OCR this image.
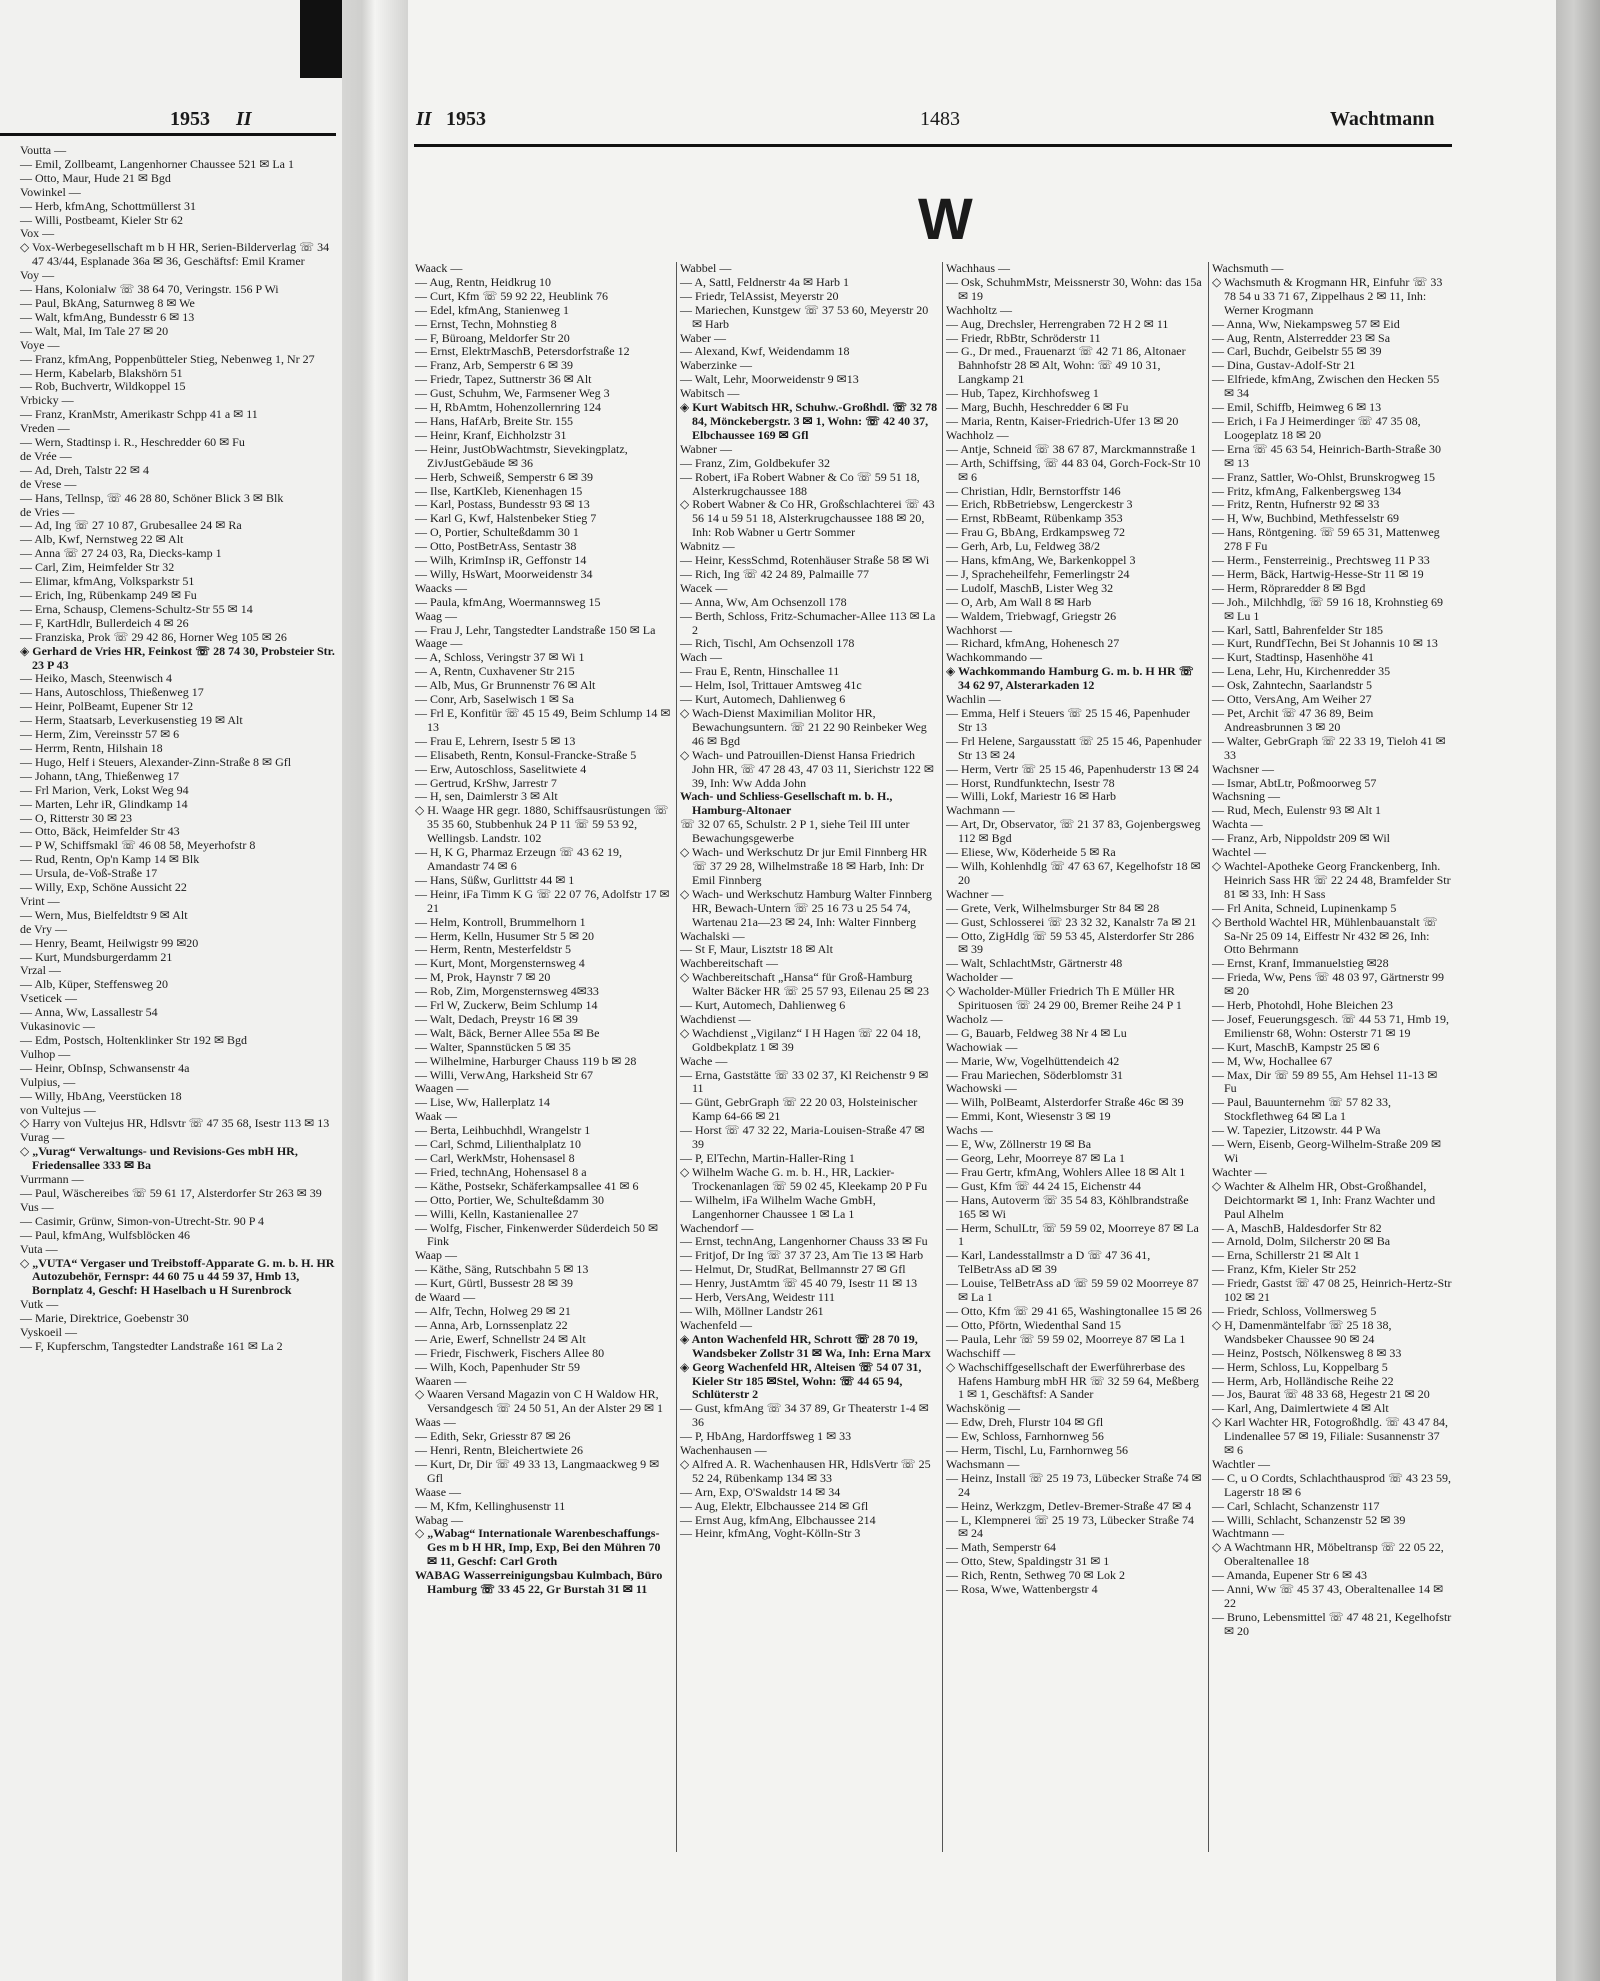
Voutta —

— Emil, Zollbeamt, Langenhorner Chaussee 521 ✉ La 1

— Otto, Maur, Hude 21 ✉ Bgd

Vowinkel —

— Herb, kfmAng, Schottmüllerst 31

— Willi, Postbeamt, Kieler Str 62

Vox —

◇ Vox-Werbegesellschaft m b H HR, Serien-Bilderverlag ☏ 34 47 43/44, Esplanade 36a ✉ 36, Geschäftsf: Emil Kramer

Voy —

— Hans, Kolonialw ☏ 38 64 70, Veringstr. 156 P Wi

— Paul, BkAng, Saturnweg 8 ✉ We

— Walt, kfmAng, Bundesstr 6 ✉ 13

— Walt, Mal, Im Tale 27 ✉ 20

Voye —

— Franz, kfmAng, Poppenbütteler Stieg, Nebenweg 1, Nr 27

— Herm, Kabelarb, Blakshörn 51

— Rob, Buchvertr, Wildkoppel 15

Vrbicky —

— Franz, KranMstr, Amerikastr Schpp 41 a ✉ 11

Vreden —

— Wern, Stadtinsp i. R., Heschredder 60 ✉ Fu

de Vrée —

— Ad, Dreh, Talstr 22 ✉ 4

de Vrese —

— Hans, Tellnsp, ☏ 46 28 80, Schöner Blick 3 ✉ Blk

de Vries —

— Ad, Ing ☏ 27 10 87, Grubesallee 24 ✉ Ra

— Alb, Kwf, Nernstweg 22 ✉ Alt

— Anna ☏ 27 24 03, Ra, Diecks-kamp 1

— Carl, Zim, Heimfelder Str 32

— Elimar, kfmAng, Volksparkstr 51

— Erich, Ing, Rübenkamp 249 ✉ Fu

— Erna, Schausp, Clemens-Schultz-Str 55 ✉ 14

— F, KartHdlr, Bullerdeich 4 ✉ 26

— Franziska, Prok ☏ 29 42 86, Horner Weg 105 ✉ 26

◈ Gerhard de Vries HR, Feinkost ☏ 28 74 30, Probsteier Str. 23 P 43

— Heiko, Masch, Steenwisch 4

— Hans, Autoschloss, Thießenweg 17

— Heinr, PolBeamt, Eupener Str 12

— Herm, Staatsarb, Leverkusenstieg 19 ✉ Alt

— Herm, Zim, Vereinsstr 57 ✉ 6

— Herrm, Rentn, Hilshain 18

— Hugo, Helf i Steuers, Alexander-Zinn-Straße 8 ✉ Gfl

— Johann, tAng, Thießenweg 17

— Frl Marion, Verk, Lokst Weg 94

— Marten, Lehr iR, Glindkamp 14

— O, Ritterstr 30 ✉ 23

— Otto, Bäck, Heimfelder Str 43

— P W, Schiffsmakl ☏ 46 08 58, Meyerhofstr 8

— Rud, Rentn, Op'n Kamp 14 ✉ Blk

— Ursula, de-Voß-Straße 17

— Willy, Exp, Schöne Aussicht 22

Vrint —

— Wern, Mus, Bielfeldtstr 9 ✉ Alt

de Vry —

— Henry, Beamt, Heilwigstr 99 ✉20

— Kurt, Mundsburgerdamm 21

Vrzal —

— Alb, Küper, Steffensweg 20

Vseticek —

— Anna, Ww, Lassallestr 54

Vukasinovic —

— Edm, Postsch, Holtenklinker Str 192 ✉ Bgd

Vulhop —

— Heinr, ObInsp, Schwansenstr 4a

Vulpius, —

— Willy, HbAng, Veerstücken 18

von Vultejus —

◇ Harry von Vultejus HR, Hdlsvtr ☏ 47 35 68, Isestr 113 ✉ 13

Vurag —

◇ „Vurag“ Verwaltungs- und Revisions-Ges mbH HR, Friedensallee 333 ✉ Ba

Vurrmann —

— Paul, Wäschereibes ☏ 59 61 17, Alsterdorfer Str 263 ✉ 39

Vus —

— Casimir, Grünw, Simon-von-Utrecht-Str. 90 P 4

— Paul, kfmAng, Wulfsblöcken 46

Vuta —

◇ „VUTA“ Vergaser und Treibstoff-Apparate G. m. b. H. HR Autozubehör, Fernspr: 44 60 75 u 44 59 37, Hmb 13, Bornplatz 4, Geschf: H Haselbach u H Surenbrock

Vutk —

— Marie, Direktrice, Goebenstr 30

Vyskoeil —

— F, Kupferschm, Tangstedter Landstraße 161 ✉ La 2

1953 II	II 1953	1483	Wachtmann
W

Waack —

— Aug, Rentn, Heidkrug 10

— Curt, Kfm ☏ 59 92 22, Heublink 76

— Edel, kfmAng, Stanienweg 1

— Ernst, Techn, Mohnstieg 8

— F, Büroang, Meldorfer Str 20

— Ernst, ElektrMaschB, Petersdorfstraße 12

— Franz, Arb, Semperstr 6 ✉ 39

— Friedr, Tapez, Suttnerstr 36 ✉ Alt

— Gust, Schuhm, We, Farmsener Weg 3

— H, RbAmtm, Hohenzollernring 124

— Hans, HafArb, Breite Str. 155

— Heinr, Kranf, Eichholzstr 31

— Heinr, JustObWachtmstr, Sievekingplatz, ZivJustGebäude ✉ 36

— Herb, Schweiß, Semperstr 6 ✉ 39

— Ilse, KartKleb, Kienenhagen 15

— Karl, Postass, Bundesstr 93 ✉ 13

— Karl G, Kwf, Halstenbeker Stieg 7

— O, Portier, Schulteßdamm 30 1

— Otto, PostBetrAss, Sentastr 38

— Wilh, KrimInsp iR, Geffonstr 14

— Willy, HsWart, Moorweidenstr 34

Waacks —

— Paula, kfmAng, Woermannsweg 15

Waag —

— Frau J, Lehr, Tangstedter Landstraße 150 ✉ La

Waage —

— A, Schloss, Veringstr 37 ✉ Wi 1

— A, Rentn, Cuxhavener Str 215

— Alb, Mus, Gr Brunnenstr 76 ✉ Alt

— Conr, Arb, Saselwisch 1 ✉ Sa

— Frl E, Konfitür ☏ 45 15 49, Beim Schlump 14 ✉ 13

— Frau E, Lehrern, Isestr 5 ✉ 13

— Elisabeth, Rentn, Konsul-Francke-Straße 5

— Erw, Autoschloss, Saselitwiete 4

— Gertrud, KrShw, Jarrestr 7

— H, sen, Daimlerstr 3 ✉ Alt

◇ H. Waage HR gegr. 1880, Schiffsausrüstungen ☏ 35 35 60, Stubbenhuk 24 P 11 ☏ 59 53 92, Wellingsb. Landstr. 102

— H, K G, Pharmaz Erzeugn ☏ 43 62 19, Amandastr 74 ✉ 6

— Hans, Süßw, Gurlittstr 44 ✉ 1

— Heinr, iFa Timm K G ☏ 22 07 76, Adolfstr 17 ✉ 21

— Helm, Kontroll, Brummelhorn 1

— Herm, Kelln, Husumer Str 5 ✉ 20

— Herm, Rentn, Mesterfeldstr 5

— Kurt, Mont, Morgensternsweg 4

— M, Prok, Haynstr 7 ✉ 20

— Rob, Zim, Morgensternsweg 4✉33

— Frl W, Zuckerw, Beim Schlump 14

— Walt, Dedach, Preystr 16 ✉ 39

— Walt, Bäck, Berner Allee 55a ✉ Be

— Walter, Spannstücken 5 ✉ 35

— Wilhelmine, Harburger Chauss 119 b ✉ 28

— Willi, VerwAng, Harksheid Str 67

Waagen —

— Lise, Ww, Hallerplatz 14

Waak —

— Berta, Leihbuchhdl, Wrangelstr 1

— Carl, Schmd, Lilienthalplatz 10

— Carl, WerkMstr, Hohensasel 8

— Fried, technAng, Hohensasel 8 a

— Käthe, Postsekr, Schäferkampsallee 41 ✉ 6

— Otto, Portier, We, Schulteßdamm 30

— Willi, Kelln, Kastanienallee 27

— Wolfg, Fischer, Finkenwerder Süderdeich 50 ✉ Fink

Waap —

— Käthe, Säng, Rutschbahn 5 ✉ 13

— Kurt, Gürtl, Bussestr 28 ✉ 39

de Waard —

— Alfr, Techn, Holweg 29 ✉ 21

— Anna, Arb, Lornssenplatz 22

— Arie, Ewerf, Schnellstr 24 ✉ Alt

— Friedr, Fischwerk, Fischers Allee 80

— Wilh, Koch, Papenhuder Str 59

Waaren —

◇ Waaren Versand Magazin von C H Waldow HR, Versandgesch ☏ 24 50 51, An der Alster 29 ✉ 1

Waas —

— Edith, Sekr, Griesstr 87 ✉ 26

— Henri, Rentn, Bleichertwiete 26

— Kurt, Dr, Dir ☏ 49 33 13, Langmaackweg 9 ✉ Gfl

Waase —

— M, Kfm, Kellinghusenstr 11

Wabag —

◇ „Wabag“ Internationale Warenbeschaffungs-Ges m b H HR, Imp, Exp, Bei den Mühren 70 ✉ 11, Geschf: Carl Groth

WABAG Wasserreinigungsbau Kulmbach, Büro Hamburg ☏ 33 45 22, Gr Burstah 31 ✉ 11

Wabbel —

— A, Sattl, Feldnerstr 4a ✉ Harb 1

— Friedr, TelAssist, Meyerstr 20

— Mariechen, Kunstgew ☏ 37 53 60, Meyerstr 20 ✉ Harb

Waber —

— Alexand, Kwf, Weidendamm 18

Waberzinke —

— Walt, Lehr, Moorweidenstr 9 ✉13

Wabitsch —

◈ Kurt Wabitsch HR, Schuhw.-Großhdl. ☏ 32 78 84, Mönckebergstr. 3 ✉ 1, Wohn: ☏ 42 40 37, Elbchaussee 169 ✉ Gfl

Wabner —

— Franz, Zim, Goldbekufer 32

— Robert, iFa Robert Wabner & Co ☏ 59 51 18, Alsterkrugchaussee 188

◇ Robert Wabner & Co HR, Großschlachterei ☏ 43 56 14 u 59 51 18, Alsterkrugchaussee 188 ✉ 20, Inh: Rob Wabner u Gertr Sommer

Wabnitz —

— Heinr, KessSchmd, Rotenhäuser Straße 58 ✉ Wi

— Rich, Ing ☏ 42 24 89, Palmaille 77

Wacek —

— Anna, Ww, Am Ochsenzoll 178

— Berth, Schloss, Fritz-Schumacher-Allee 113 ✉ La 2

— Rich, Tischl, Am Ochsenzoll 178

Wach —

— Frau E, Rentn, Hinschallee 11

— Helm, Isol, Trittauer Amtsweg 41c

— Kurt, Automech, Dahlienweg 6

◇ Wach-Dienst Maximilian Molitor HR, Bewachungsuntern. ☏ 21 22 90 Reinbeker Weg 46 ✉ Bgd

◇ Wach- und Patrouillen-Dienst Hansa Friedrich John HR, ☏ 47 28 43, 47 03 11, Sierichstr 122 ✉ 39, Inh: Ww Adda John

Wach- und Schliess-Gesellschaft m. b. H., Hamburg-Altonaer

☏ 32 07 65, Schulstr. 2 P 1, siehe Teil III unter Bewachungsgewerbe

◇ Wach- und Werkschutz Dr jur Emil Finnberg HR ☏ 37 29 28, Wilhelmstraße 18 ✉ Harb, Inh: Dr Emil Finnberg

◇ Wach- und Werkschutz Hamburg Walter Finnberg HR, Bewach-Untern ☏ 25 16 73 u 25 54 74, Wartenau 21a—23 ✉ 24, Inh: Walter Finnberg

Wachalski —

— St F, Maur, Lisztstr 18 ✉ Alt

Wachbereitschaft —

◇ Wachbereitschaft „Hansa“ für Groß-Hamburg Walter Bäcker HR ☏ 25 57 93, Eilenau 25 ✉ 23

— Kurt, Automech, Dahlienweg 6

Wachdienst —

◇ Wachdienst „Vigilanz“ I H Hagen ☏ 22 04 18, Goldbekplatz 1 ✉ 39

Wache —

— Erna, Gaststätte ☏ 33 02 37, Kl Reichenstr 9 ✉ 11

— Günt, GebrGraph ☏ 22 20 03, Holsteinischer Kamp 64-66 ✉ 21

— Horst ☏ 47 32 22, Maria-Louisen-Straße 47 ✉ 39

— P, ElTechn, Martin-Haller-Ring 1

◇ Wilhelm Wache G. m. b. H., HR, Lackier-Trockenanlagen ☏ 59 02 45, Kleekamp 20 P Fu

— Wilhelm, iFa Wilhelm Wache GmbH, Langenhorner Chaussee 1 ✉ La 1

Wachendorf —

— Ernst, technAng, Langenhorner Chauss 33 ✉ Fu

— Fritjof, Dr Ing ☏ 37 37 23, Am Tie 13 ✉ Harb

— Helmut, Dr, StudRat, Bellmannstr 27 ✉ Gfl

— Henry, JustAmtm ☏ 45 40 79, Isestr 11 ✉ 13

— Herb, VersAng, Weidestr 111

— Wilh, Möllner Landstr 261

Wachenfeld —

◈ Anton Wachenfeld HR, Schrott ☏ 28 70 19, Wandsbeker Zollstr 31 ✉ Wa, Inh: Erna Marx

◈ Georg Wachenfeld HR, Alteisen ☏ 54 07 31, Kieler Str 185 ✉Stel, Wohn: ☏ 44 65 94, Schlüterstr 2

— Gust, kfmAng ☏ 34 37 89, Gr Theaterstr 1-4 ✉ 36

— P, HbAng, Hardorffsweg 1 ✉ 33

Wachenhausen —

◇ Alfred A. R. Wachenhausen HR, HdlsVertr ☏ 25 52 24, Rübenkamp 134 ✉ 33

— Arn, Exp, O'Swaldstr 14 ✉ 34

— Aug, Elektr, Elbchaussee 214 ✉ Gfl

— Ernst Aug, kfmAng, Elbchaussee 214

— Heinr, kfmAng, Voght-Kölln-Str 3

Wachhaus —

— Osk, SchuhmMstr, Meissnerstr 30, Wohn: das 15a ✉ 19

Wachholtz —

— Aug, Drechsler, Herrengraben 72 H 2 ✉ 11

— Friedr, RbBtr, Schröderstr 11

— G., Dr med., Frauenarzt ☏ 42 71 86, Altonaer Bahnhofstr 28 ✉ Alt, Wohn: ☏ 49 10 31, Langkamp 21

— Hub, Tapez, Kirchhofsweg 1

— Marg, Buchh, Heschredder 6 ✉ Fu

— Maria, Rentn, Kaiser-Friedrich-Ufer 13 ✉ 20

Wachholz —

— Antje, Schneid ☏ 38 67 87, Marckmannstraße 1

— Arth, Schiffsing, ☏ 44 83 04, Gorch-Fock-Str 10 ✉ 6

— Christian, Hdlr, Bernstorffstr 146

— Erich, RbBetriebsw, Lengerckestr 3

— Ernst, RbBeamt, Rübenkamp 353

— Frau G, BbAng, Erdkampsweg 72

— Gerh, Arb, Lu, Feldweg 38/2

— Hans, kfmAng, We, Barkenkoppel 3

— J, Spracheheilfehr, Femerlingstr 24

— Ludolf, MaschB, Lister Weg 32

— O, Arb, Am Wall 8 ✉ Harb

— Waldem, Triebwagf, Griegstr 26

Wachhorst —

— Richard, kfmAng, Hohenesch 27

Wachkommando —

◈ Wachkommando Hamburg G. m. b. H HR ☏ 34 62 97, Alsterarkaden 12

Wachlin —

— Emma, Helf i Steuers ☏ 25 15 46, Papenhuder Str 13

— Frl Helene, Sargausstatt ☏ 25 15 46, Papenhuder Str 13 ✉ 24

— Herm, Vertr ☏ 25 15 46, Papenhuderstr 13 ✉ 24

— Horst, Rundfunktechn, Isestr 78

— Willi, Lokf, Mariestr 16 ✉ Harb

Wachmann —

— Art, Dr, Observator, ☏ 21 37 83, Gojenbergsweg 112 ✉ Bgd

— Eliese, Ww, Köderheide 5 ✉ Ra

— Wilh, Kohlenhdlg ☏ 47 63 67, Kegelhofstr 18 ✉ 20

Wachner —

— Grete, Verk, Wilhelmsburger Str 84 ✉ 28

— Gust, Schlosserei ☏ 23 32 32, Kanalstr 7a ✉ 21

— Otto, ZigHdlg ☏ 59 53 45, Alsterdorfer Str 286 ✉ 39

— Walt, SchlachtMstr, Gärtnerstr 48

Wacholder —

◇ Wacholder-Müller Friedrich Th E Müller HR Spirituosen ☏ 24 29 00, Bremer Reihe 24 P 1

Wacholz —

— G, Bauarb, Feldweg 38 Nr 4 ✉ Lu

Wachowiak —

— Marie, Ww, Vogelhüttendeich 42

— Frau Mariechen, Söderblomstr 31

Wachowski —

— Wilh, PolBeamt, Alsterdorfer Straße 46c ✉ 39

— Emmi, Kont, Wiesenstr 3 ✉ 19

Wachs —

— E, Ww, Zöllnerstr 19 ✉ Ba

— Georg, Lehr, Moorreye 87 ✉ La 1

— Frau Gertr, kfmAng, Wohlers Allee 18 ✉ Alt 1

— Gust, Kfm ☏ 44 24 15, Eichenstr 44

— Hans, Autoverm ☏ 35 54 83, Köhlbrandstraße 165 ✉ Wi

— Herm, SchulLtr, ☏ 59 59 02, Moorreye 87 ✉ La 1

— Karl, Landesstallmstr a D ☏ 47 36 41, TelBetrAss aD ✉ 39

— Louise, TelBetrAss aD ☏ 59 59 02 Moorreye 87 ✉ La 1

— Otto, Kfm ☏ 29 41 65, Washingtonallee 15 ✉ 26

— Otto, Pförtn, Wiedenthal Sand 15

— Paula, Lehr ☏ 59 59 02, Moorreye 87 ✉ La 1

Wachschiff —

◇ Wachschiffgesellschaft der Ewerführerbase des Hafens Hamburg mbH HR ☏ 32 59 64, Meßberg 1 ✉ 1, Geschäftsf: A Sander

Wachskönig —

— Edw, Dreh, Flurstr 104 ✉ Gfl

— Ew, Schloss, Farnhornweg 56

— Herm, Tischl, Lu, Farnhornweg 56

Wachsmann —

— Heinz, Install ☏ 25 19 73, Lübecker Straße 74 ✉ 24

— Heinz, Werkzgm, Detlev-Bremer-Straße 47 ✉ 4

— L, Klempnerei ☏ 25 19 73, Lübecker Straße 74 ✉ 24

— Math, Semperstr 64

— Otto, Stew, Spaldingstr 31 ✉ 1

— Rich, Rentn, Sethweg 70 ✉ Lok 2

— Rosa, Wwe, Wattenbergstr 4

Wachsmuth —

◇ Wachsmuth & Krogmann HR, Einfuhr ☏ 33 78 54 u 33 71 67, Zippelhaus 2 ✉ 11, Inh: Werner Krogmann

— Anna, Ww, Niekampsweg 57 ✉ Eid

— Aug, Rentn, Alsterredder 23 ✉ Sa

— Carl, Buchdr, Geibelstr 55 ✉ 39

— Dina, Gustav-Adolf-Str 21

— Elfriede, kfmAng, Zwischen den Hecken 55 ✉ 34

— Emil, Schiffb, Heimweg 6 ✉ 13

— Erich, i Fa J Heimerdinger ☏ 47 35 08, Loogeplatz 18 ✉ 20

— Erna ☏ 45 63 54, Heinrich-Barth-Straße 30 ✉ 13

— Franz, Sattler, Wo-Ohlst, Brunskrogweg 15

— Fritz, kfmAng, Falkenbergsweg 134

— Fritz, Rentn, Hufnerstr 92 ✉ 33

— H, Ww, Buchbind, Methfesselstr 69

— Hans, Röntgening. ☏ 59 65 31, Mattenweg 278 F Fu

— Herm., Fensterreinig., Prechtsweg 11 P 33

— Herm, Bäck, Hartwig-Hesse-Str 11 ✉ 19

— Herm, Röpraredder 8 ✉ Bgd

— Joh., Milchhdlg, ☏ 59 16 18, Krohnstieg 69 ✉ Lu 1

— Karl, Sattl, Bahrenfelder Str 185

— Kurt, RundfTechn, Bei St Johannis 10 ✉ 13

— Kurt, Stadtinsp, Hasenhöhe 41

— Lena, Lehr, Hu, Kirchenredder 35

— Osk, Zahntechn, Saarlandstr 5

— Otto, VersAng, Am Weiher 27

— Pet, Archit ☏ 47 36 89, Beim Andreasbrunnen 3 ✉ 20

— Walter, GebrGraph ☏ 22 33 19, Tieloh 41 ✉ 33

Wachsner —

— Ismar, AbtLtr, Poßmoorweg 57

Wachsning —

— Rud, Mech, Eulenstr 93 ✉ Alt 1

Wachta —

— Franz, Arb, Nippoldstr 209 ✉ Wil

Wachtel —

◇ Wachtel-Apotheke Georg Franckenberg, Inh. Heinrich Sass HR ☏ 22 24 48, Bramfelder Str 81 ✉ 33, Inh: H Sass

— Frl Anita, Schneid, Lupinenkamp 5

◇ Berthold Wachtel HR, Mühlenbauanstalt ☏ Sa-Nr 25 09 14, Eiffestr Nr 432 ✉ 26, Inh: Otto Behrmann

— Ernst, Kranf, Immanuelstieg ✉28

— Frieda, Ww, Pens ☏ 48 03 97, Gärtnerstr 99 ✉ 20

— Herb, Photohdl, Hohe Bleichen 23

— Josef, Feuerungsgesch. ☏ 44 53 71, Hmb 19, Emilienstr 68, Wohn: Osterstr 71 ✉ 19

— Kurt, MaschB, Kampstr 25 ✉ 6

— M, Ww, Hochallee 67

— Max, Dir ☏ 59 89 55, Am Hehsel 11-13 ✉ Fu

— Paul, Bauunternehm ☏ 57 82 33, Stockflethweg 64 ✉ La 1

— W. Tapezier, Litzowstr. 44 P Wa

— Wern, Eisenb, Georg-Wilhelm-Straße 209 ✉ Wi

Wachter —

◇ Wachter & Alhelm HR, Obst-Großhandel, Deichtormarkt ✉ 1, Inh: Franz Wachter und Paul Alhelm

— A, MaschB, Haldesdorfer Str 82

— Arnold, Dolm, Silcherstr 20 ✉ Ba

— Erna, Schillerstr 21 ✉ Alt 1

— Franz, Kfm, Kieler Str 252

— Friedr, Gastst ☏ 47 08 25, Heinrich-Hertz-Str 102 ✉ 21

— Friedr, Schloss, Vollmersweg 5

◇ H, Damenmäntelfabr ☏ 25 18 38, Wandsbeker Chaussee 90 ✉ 24

— Heinz, Postsch, Nölkensweg 8 ✉ 33

— Herm, Schloss, Lu, Koppelbarg 5

— Herm, Arb, Holländische Reihe 22

— Jos, Baurat ☏ 48 33 68, Hegestr 21 ✉ 20

— Karl, Ang, Daimlertwiete 4 ✉ Alt

◇ Karl Wachter HR, Fotogroßhdlg. ☏ 43 47 84, Lindenallee 57 ✉ 19, Filiale: Susannenstr 37 ✉ 6

Wachtler —

— C, u O Cordts, Schlachthausprod ☏ 43 23 59, Lagerstr 18 ✉ 6

— Carl, Schlacht, Schanzenstr 117

— Willi, Schlacht, Schanzenstr 52 ✉ 39

Wachtmann —

◇ A Wachtmann HR, Möbeltransp ☏ 22 05 22, Oberaltenallee 18

— Amanda, Eupener Str 6 ✉ 43

— Anni, Ww ☏ 45 37 43, Oberaltenallee 14 ✉ 22

— Bruno, Lebensmittel ☏ 47 48 21, Kegelhofstr ✉ 20
